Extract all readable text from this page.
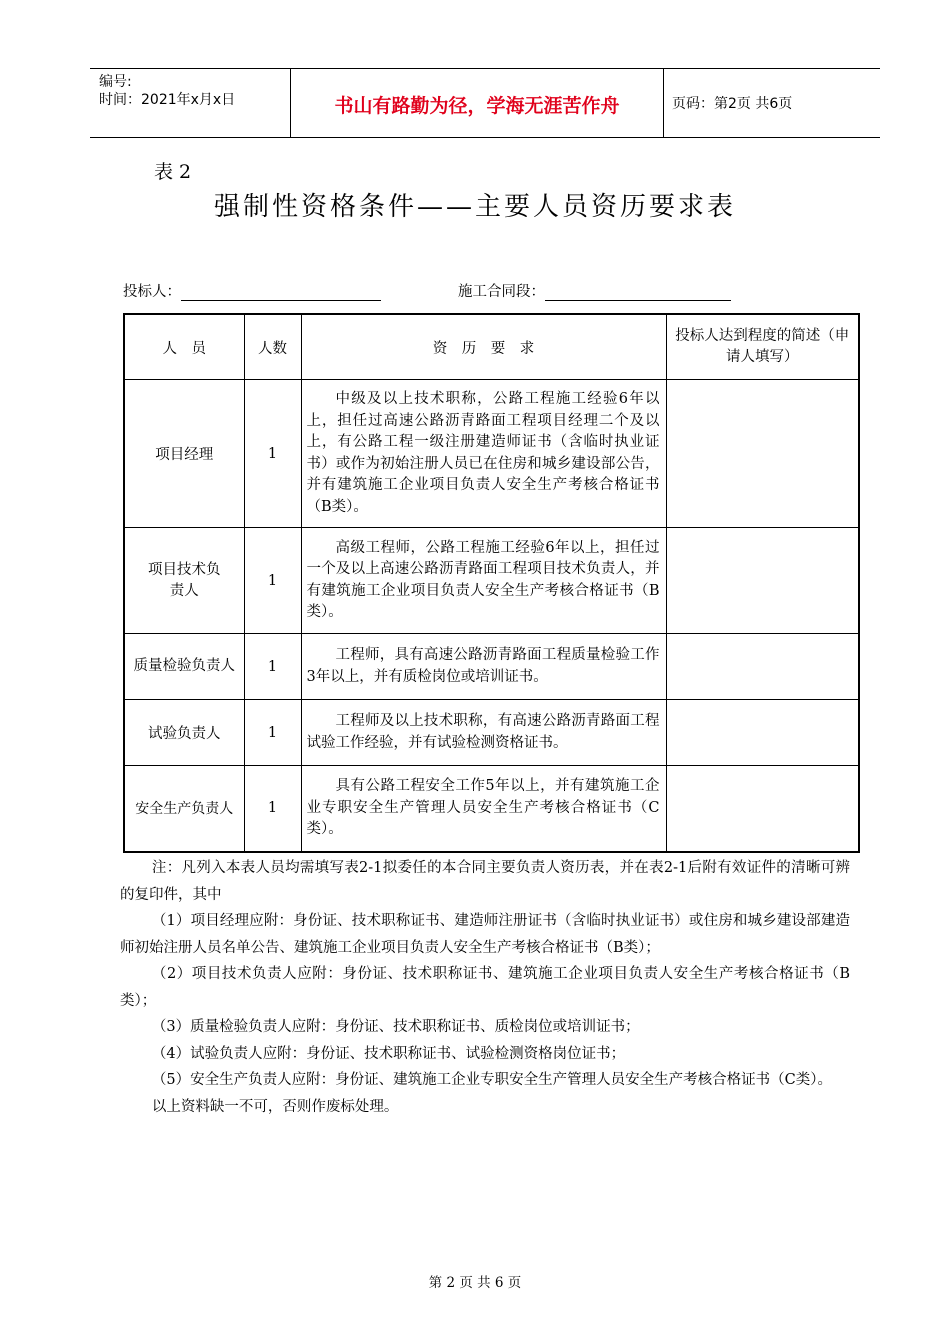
编号:
时间：2021年x月x日	书山有路勤为径，学海无涯苦作舟	页码：第2页 共6页
表 2
强制性资格条件——主要人员资历要求表
投标人：	施工合同段：
人　员	人数	资　历　要　求	投标人达到程度的简述（申请人填写）
项目经理	1	中级及以上技术职称，公路工程施工经验6年以上，担任过高速公路沥青路面工程项目经理二个及以上，有公路工程一级注册建造师证书（含临时执业证书）或作为初始注册人员已在住房和城乡建设部公告，并有建筑施工企业项目负责人安全生产考核合格证书（B类）。	

项目技术负责人	1	高级工程师，公路工程施工经验6年以上，担任过一个及以上高速公路沥青路面工程项目技术负责人，并有建筑施工企业项目负责人安全生产考核合格证书（B类）。	

质量检验负责人	1	工程师，具有高速公路沥青路面工程质量检验工作3年以上，并有质检岗位或培训证书。	

试验负责人	1	工程师及以上技术职称，有高速公路沥青路面工程试验工作经验，并有试验检测资格证书。	

安全生产负责人	1	具有公路工程安全工作5年以上，并有建筑施工企业专职安全生产管理人员安全生产考核合格证书（C类）。	

注：凡列入本表人员均需填写表2-1拟委任的本合同主要负责人资历表，并在表2-1后附有效证件的清晰可辨的复印件，其中

（1）项目经理应附：身份证、技术职称证书、建造师注册证书（含临时执业证书）或住房和城乡建设部建造师初始注册人员名单公告、建筑施工企业项目负责人安全生产考核合格证书（B类）；

（2）项目技术负责人应附：身份证、技术职称证书、建筑施工企业项目负责人安全生产考核合格证书（B类）；

（3）质量检验负责人应附：身份证、技术职称证书、质检岗位或培训证书；

（4）试验负责人应附：身份证、技术职称证书、试验检测资格岗位证书；

（5）安全生产负责人应附：身份证、建筑施工企业专职安全生产管理人员安全生产考核合格证书（C类）。

以上资料缺一不可，否则作废标处理。

第 2 页 共 6 页
